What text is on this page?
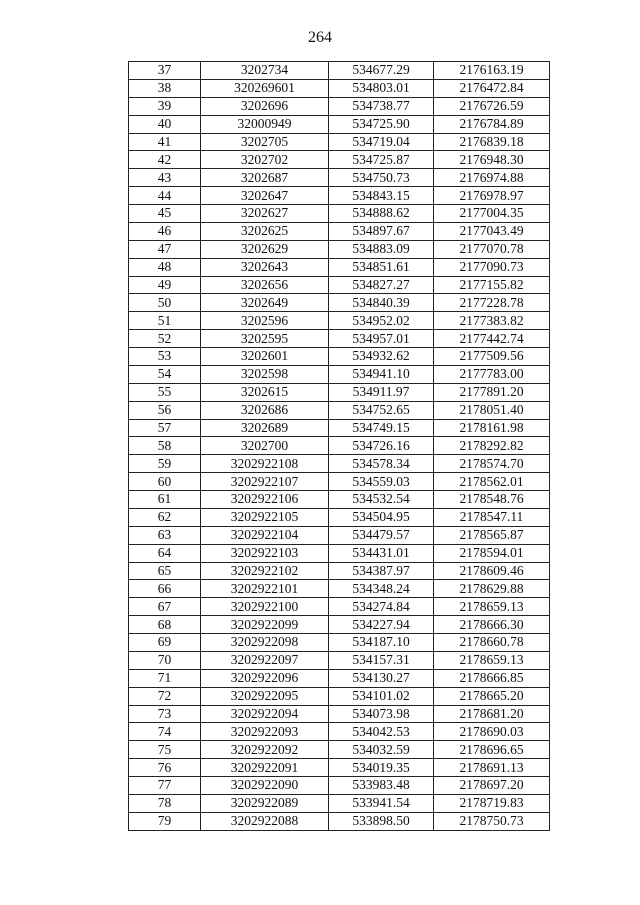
264
37	3202734	534677.29	2176163.19
38	320269601	534803.01	2176472.84
39	3202696	534738.77	2176726.59
40	32000949	534725.90	2176784.89
41	3202705	534719.04	2176839.18
42	3202702	534725.87	2176948.30
43	3202687	534750.73	2176974.88
44	3202647	534843.15	2176978.97
45	3202627	534888.62	2177004.35
46	3202625	534897.67	2177043.49
47	3202629	534883.09	2177070.78
48	3202643	534851.61	2177090.73
49	3202656	534827.27	2177155.82
50	3202649	534840.39	2177228.78
51	3202596	534952.02	2177383.82
52	3202595	534957.01	2177442.74
53	3202601	534932.62	2177509.56
54	3202598	534941.10	2177783.00
55	3202615	534911.97	2177891.20
56	3202686	534752.65	2178051.40
57	3202689	534749.15	2178161.98
58	3202700	534726.16	2178292.82
59	3202922108	534578.34	2178574.70
60	3202922107	534559.03	2178562.01
61	3202922106	534532.54	2178548.76
62	3202922105	534504.95	2178547.11
63	3202922104	534479.57	2178565.87
64	3202922103	534431.01	2178594.01
65	3202922102	534387.97	2178609.46
66	3202922101	534348.24	2178629.88
67	3202922100	534274.84	2178659.13
68	3202922099	534227.94	2178666.30
69	3202922098	534187.10	2178660.78
70	3202922097	534157.31	2178659.13
71	3202922096	534130.27	2178666.85
72	3202922095	534101.02	2178665.20
73	3202922094	534073.98	2178681.20
74	3202922093	534042.53	2178690.03
75	3202922092	534032.59	2178696.65
76	3202922091	534019.35	2178691.13
77	3202922090	533983.48	2178697.20
78	3202922089	533941.54	2178719.83
79	3202922088	533898.50	2178750.73
